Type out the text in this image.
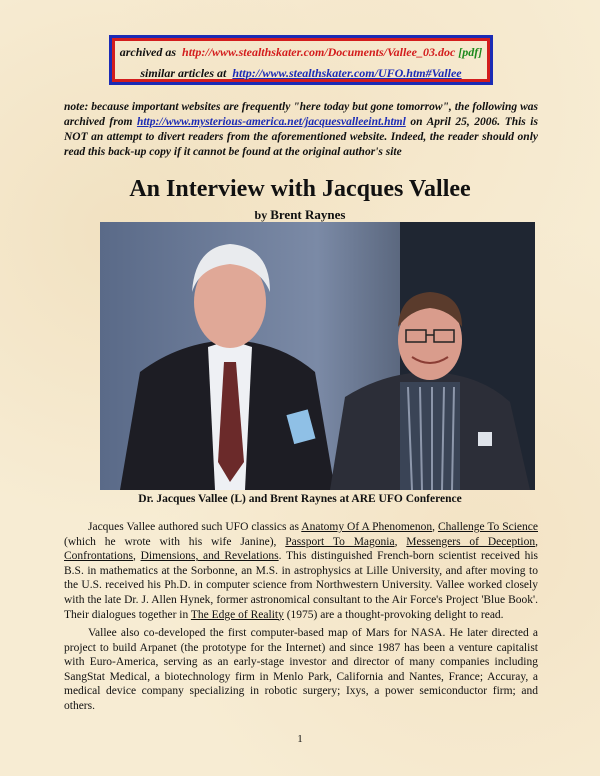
archived as http://www.stealthskater.com/Documents/Vallee_03.doc [pdf]
similar articles at http://www.stealthskater.com/UFO.htm#Vallee
note: because important websites are frequently "here today but gone tomorrow", the following was archived from http://www.mysterious-america.net/jacquesvalleeint.html on April 25, 2006. This is NOT an attempt to divert readers from the aforementioned website. Indeed, the reader should only read this back-up copy if it cannot be found at the original author's site
An Interview with Jacques Vallee
by Brent Raynes
Dr. Jacques Vallee (L) and Brent Raynes at ARE UFO Conference
Jacques Vallee authored such UFO classics as Anatomy Of A Phenomenon, Challenge To Science (which he wrote with his wife Janine), Passport To Magonia, Messengers of Deception, Confrontations, Dimensions, and Revelations. This distinguished French-born scientist received his B.S. in mathematics at the Sorbonne, an M.S. in astrophysics at Lille University, and after moving to the U.S. received his Ph.D. in computer science from Northwestern University. Vallee worked closely with the late Dr. J. Allen Hynek, former astronomical consultant to the Air Force's Project 'Blue Book'. Their dialogues together in The Edge of Reality (1975) are a thought-provoking delight to read.
Vallee also co-developed the first computer-based map of Mars for NASA. He later directed a project to build Arpanet (the prototype for the Internet) and since 1987 has been a venture capitalist with Euro-America, serving as an early-stage investor and director of many companies including SangStat Medical, a biotechnology firm in Menlo Park, California and Nantes, France; Accuray, a medical device company specializing in robotic surgery; Ixys, a power semiconductor firm; and others.
1
